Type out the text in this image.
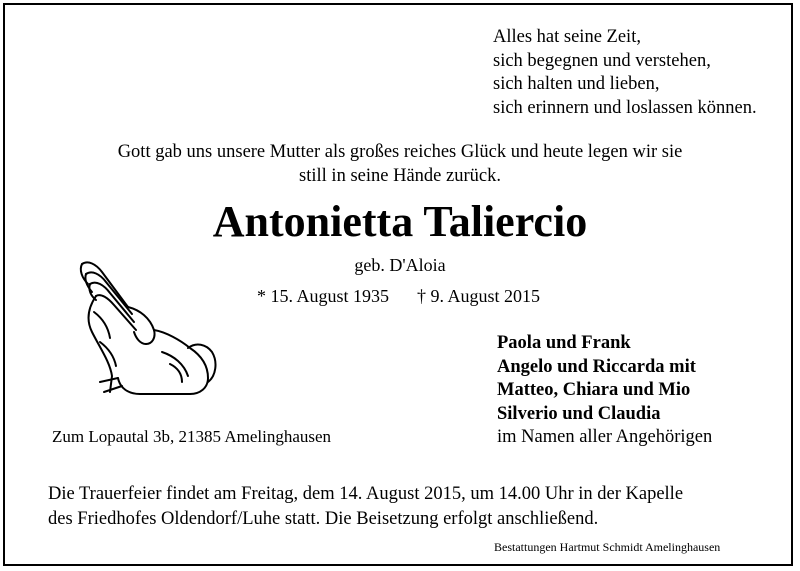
Alles hat seine Zeit,
sich begegnen und verstehen,
sich halten und lieben,
sich erinnern und loslassen können.
Gott gab uns unsere Mutter als großes reiches Glück und heute legen wir sie
still in seine Hände zurück.
Antonietta Taliercio
geb. D'Aloia
* 15. August 1935 † 9. August 2015
Zum Lopautal 3b, 21385 Amelinghausen
Paola und Frank
Angelo und Riccarda mit
Matteo, Chiara und Mio
Silverio und Claudia
im Namen aller Angehörigen
Die Trauerfeier findet am Freitag, dem 14. August 2015, um 14.00 Uhr in der Kapelle
des Friedhofes Oldendorf/Luhe statt. Die Beisetzung erfolgt anschließend.
Bestattungen Hartmut Schmidt Amelinghausen
